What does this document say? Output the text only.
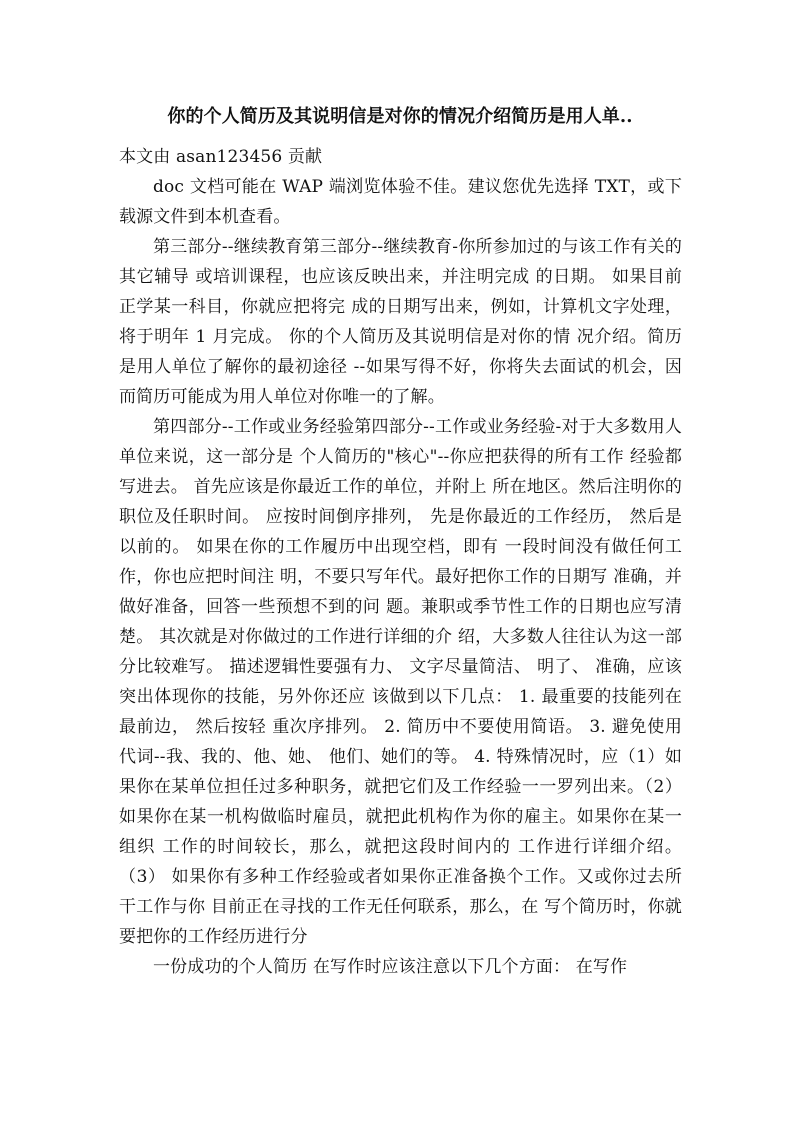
你的个人简历及其说明信是对你的情况介绍简历是用人单..

本文由 asan123456 贡献

doc 文档可能在 WAP 端浏览体验不佳。建议您优先选择 TXT，或下载源文件到本机查看。

第三部分--继续教育第三部分--继续教育-你所参加过的与该工作有关的其它辅导 或培训课程，也应该反映出来，并注明完成 的日期。 如果目前正学某一科目，你就应把将完 成的日期写出来，例如，计算机文字处理， 将于明年 1 月完成。 你的个人简历及其说明信是对你的情 况介绍。简历是用人单位了解你的最初途径 --如果写得不好，你将失去面试的机会，因 而简历可能成为用人单位对你唯一的了解。

第四部分--工作或业务经验第四部分--工作或业务经验-对于大多数用人单位来说，这一部分是 个人简历的"核心"--你应把获得的所有工作 经验都写进去。 首先应该是你最近工作的单位，并附上 所在地区。然后注明你的职位及任职时间。 应按时间倒序排列， 先是你最近的工作经历， 然后是以前的。 如果在你的工作履历中出现空档，即有 一段时间没有做任何工作，你也应把时间注 明，不要只写年代。最好把你工作的日期写 准确，并做好准备，回答一些预想不到的问 题。兼职或季节性工作的日期也应写清楚。 其次就是对你做过的工作进行详细的介 绍，大多数人往往认为这一部分比较难写。 描述逻辑性要强有力、 文字尽量简洁、 明了、 准确，应该突出体现你的技能，另外你还应 该做到以下几点： 1. 最重要的技能列在最前边， 然后按轻 重次序排列。 2. 简历中不要使用简语。 3. 避免使用代词--我、我的、他、她、 他们、她们的等。 4. 特殊情况时，应（1）如果你在某单位担任过多种职务，就把它们及工作经验一一罗列出来。（2）如果你在某一机构做临时雇员，就把此机构作为你的雇主。如果你在某一组织 工作的时间较长，那么，就把这段时间内的 工作进行详细介绍。 （3） 如果你有多种工作经验或者如果你正准备换个工作。又或你过去所干工作与你 目前正在寻找的工作无任何联系，那么，在 写个简历时，你就要把你的工作经历进行分

一份成功的个人简历 在写作时应该注意以下几个方面： 在写作
